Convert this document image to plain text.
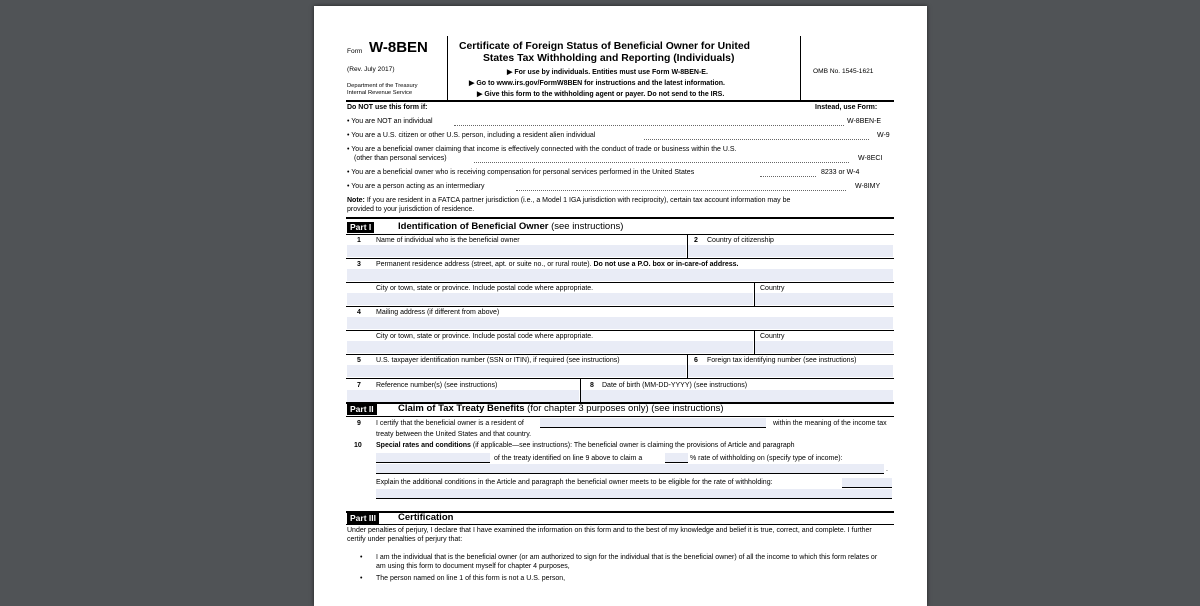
Form W-8BEN
(Rev. July 2017)
Department of the Treasury
Internal Revenue Service
Certificate of Foreign Status of Beneficial Owner for United
States Tax Withholding and Reporting (Individuals)
▶ For use by individuals. Entities must use Form W-8BEN-E.
▶ Go to www.irs.gov/FormW8BEN for instructions and the latest information.
▶ Give this form to the withholding agent or payer. Do not send to the IRS.
OMB No. 1545-1621
Do NOT use this form if:	Instead, use Form:
• You are NOT an individual	W-8BEN-E
• You are a U.S. citizen or other U.S. person, including a resident alien individual	W-9
• You are a beneficial owner claiming that income is effectively connected with the conduct of trade or business within the U.S.
(other than personal services)	W-8ECI
• You are a beneficial owner who is receiving compensation for personal services performed in the United States	8233 or W-4
• You are a person acting as an intermediary	W-8IMY
Note: If you are resident in a FATCA partner jurisdiction (i.e., a Model 1 IGA jurisdiction with reciprocity), certain tax account information may be
provided to your jurisdiction of residence.
Part I	Identification of Beneficial Owner (see instructions)
1 Name of individual who is the beneficial owner	2 Country of citizenship
3 Permanent residence address (street, apt. or suite no., or rural route). Do not use a P.O. box or in-care-of address.
City or town, state or province. Include postal code where appropriate.	Country
4 Mailing address (if different from above)
City or town, state or province. Include postal code where appropriate.	Country
5 U.S. taxpayer identification number (SSN or ITIN), if required (see instructions)	6 Foreign tax identifying number (see instructions)
7 Reference number(s) (see instructions)	8 Date of birth (MM-DD-YYYY) (see instructions)
Part II	Claim of Tax Treaty Benefits (for chapter 3 purposes only) (see instructions)
9 I certify that the beneficial owner is a resident of	within the meaning of the income tax
treaty between the United States and that country.
10 Special rates and conditions (if applicable—see instructions): The beneficial owner is claiming the provisions of Article and paragraph
of the treaty identified on line 9 above to claim a	% rate of withholding on (specify type of income):
.
Explain the additional conditions in the Article and paragraph the beneficial owner meets to be eligible for the rate of withholding:
Part III	Certification
Under penalties of perjury, I declare that I have examined the information on this form and to the best of my knowledge and belief it is true, correct, and complete. I further
certify under penalties of perjury that:
• I am the individual that is the beneficial owner (or am authorized to sign for the individual that is the beneficial owner) of all the income to which this form relates or
am using this form to document myself for chapter 4 purposes,
• The person named on line 1 of this form is not a U.S. person,
